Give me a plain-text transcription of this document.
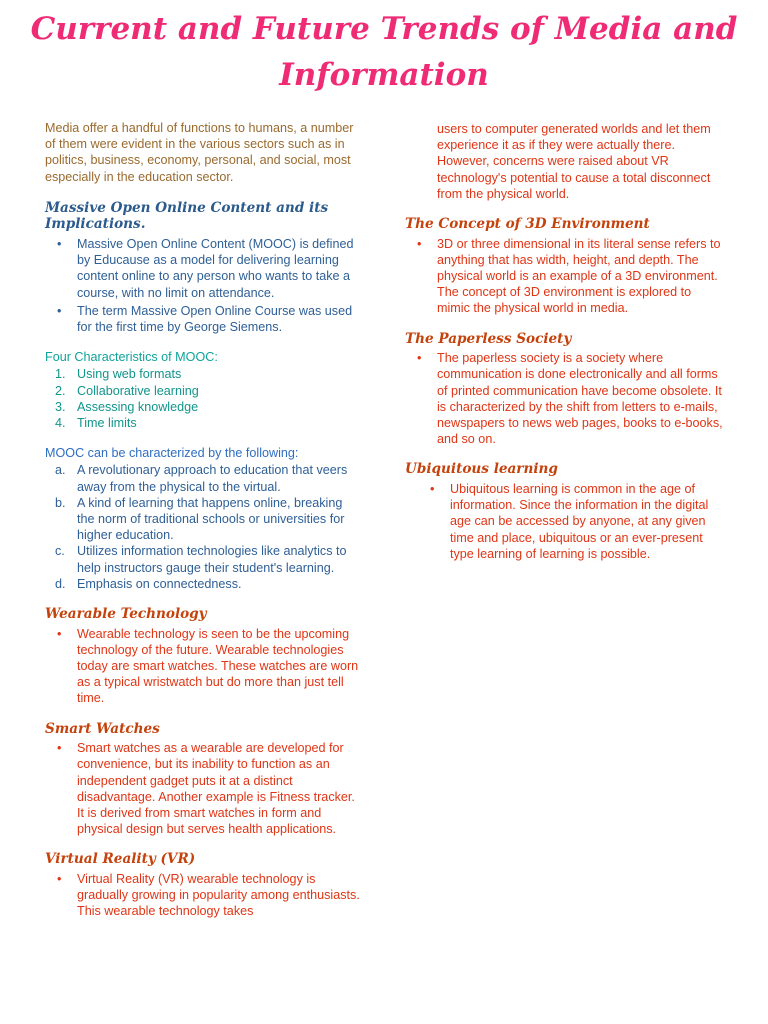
Current and Future Trends of Media and
Information

Media offer a handful of functions to humans, a number of them were evident in the various sectors such as in politics, business, economy, personal, and social, most especially in the education sector.

Massive Open Online Content and its Implications.
• Massive Open Online Content (MOOC) is defined by Educause as a model for delivering learning content online to any person who wants to take a course, with no limit on attendance.
• The term Massive Open Online Course was used for the first time by George Siemens.

Four Characteristics of MOOC:

1. Using web formats
2. Collaborative learning
3. Assessing knowledge
4. Time limits

MOOC can be characterized by the following:

a. A revolutionary approach to education that veers away from the physical to the virtual.
b. A kind of learning that happens online, breaking the norm of traditional schools or universities for higher education.
c. Utilizes information technologies like analytics to help instructors gauge their student's learning.
d. Emphasis on connectedness.
Wearable Technology
• Wearable technology is seen to be the upcoming technology of the future. Wearable technologies today are smart watches. These watches are worn as a typical wristwatch but do more than just tell time.
Smart Watches
• Smart watches as a wearable are developed for convenience, but its inability to function as an independent gadget puts it at a distinct disadvantage. Another example is Fitness tracker. It is derived from smart watches in form and physical design but serves health applications.
Virtual Reality (VR)
• Virtual Reality (VR) wearable technology is gradually growing in popularity among enthusiasts. This wearable technology takes

users to computer generated worlds and let them experience it as if they were actually there. However, concerns were raised about VR technology's potential to cause a total disconnect from the physical world.

The Concept of 3D Environment
• 3D or three dimensional in its literal sense refers to anything that has width, height, and depth. The physical world is an example of a 3D environment. The concept of 3D environment is explored to mimic the physical world in media.
The Paperless Society
• The paperless society is a society where communication is done electronically and all forms of printed communication have become obsolete. It is characterized by the shift from letters to e-mails, newspapers to news web pages, books to e-books, and so on.
Ubiquitous learning
• Ubiquitous learning is common in the age of information. Since the information in the digital age can be accessed by anyone, at any given time and place, ubiquitous or an ever-present type learning of learning is possible.
